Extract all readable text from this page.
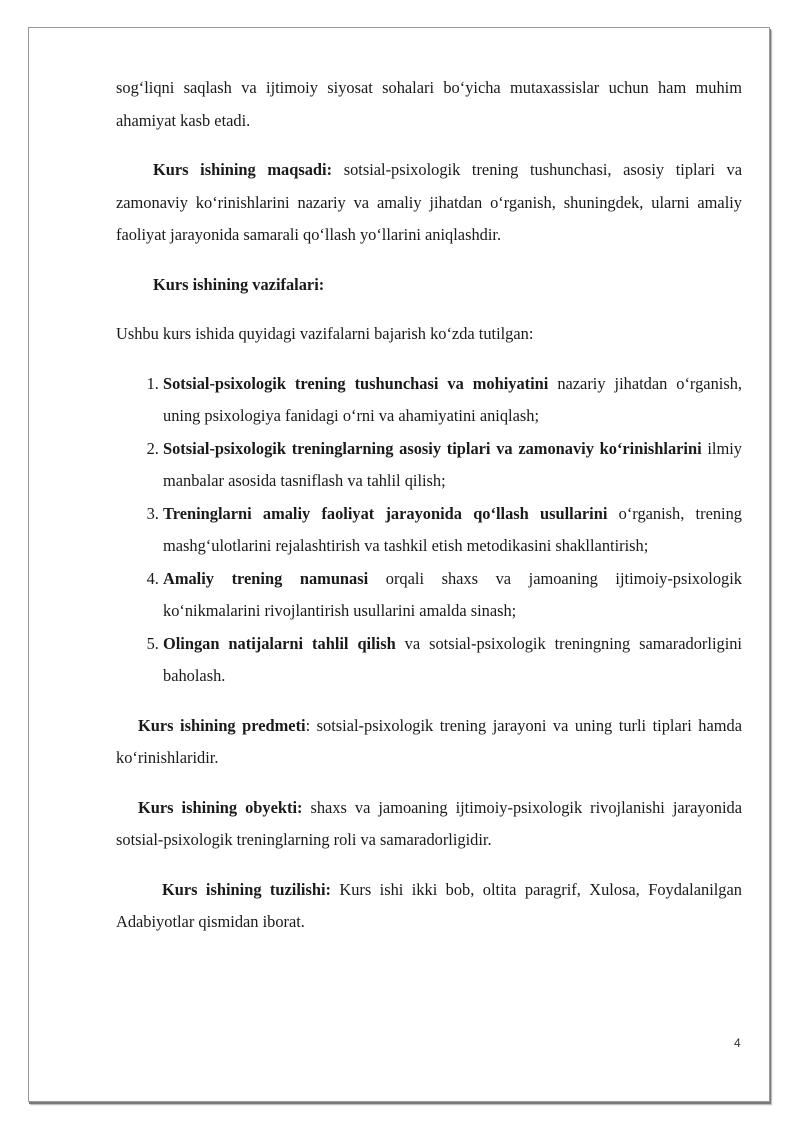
sog‘liqni saqlash va ijtimoiy siyosat sohalari bo‘yicha mutaxassislar uchun ham muhim ahamiyat kasb etadi.

Kurs ishining maqsadi: sotsial-psixologik trening tushunchasi, asosiy tiplari va zamonaviy ko‘rinishlarini nazariy va amaliy jihatdan o‘rganish, shuningdek, ularni amaliy faoliyat jarayonida samarali qo‘llash yo‘llarini aniqlashdir.

Kurs ishining vazifalari:

Ushbu kurs ishida quyidagi vazifalarni bajarish ko‘zda tutilgan:

1. Sotsial-psixologik trening tushunchasi va mohiyatini nazariy jihatdan o‘rganish, uning psixologiya fanidagi o‘rni va ahamiyatini aniqlash;
2. Sotsial-psixologik treninglarning asosiy tiplari va zamonaviy ko‘rinishlarini ilmiy manbalar asosida tasniflash va tahlil qilish;
3. Treninglarni amaliy faoliyat jarayonida qo‘llash usullarini o‘rganish, trening mashg‘ulotlarini rejalashtirish va tashkil etish metodikasini shakllantirish;
4. Amaliy trening namunasi orqali shaxs va jamoaning ijtimoiy-psixologik ko‘nikmalarini rivojlantirish usullarini amalda sinash;
5. Olingan natijalarni tahlil qilish va sotsial-psixologik treningning samaradorligini baholash.

Kurs ishining predmeti: sotsial-psixologik trening jarayoni va uning turli tiplari hamda ko‘rinishlaridir.

Kurs ishining obyekti: shaxs va jamoaning ijtimoiy-psixologik rivojlanishi jarayonida sotsial-psixologik treninglarning roli va samaradorligidir.

Kurs ishining tuzilishi: Kurs ishi ikki bob, oltita paragrif, Xulosa, Foydalanilgan Adabiyotlar qismidan iborat.

4
